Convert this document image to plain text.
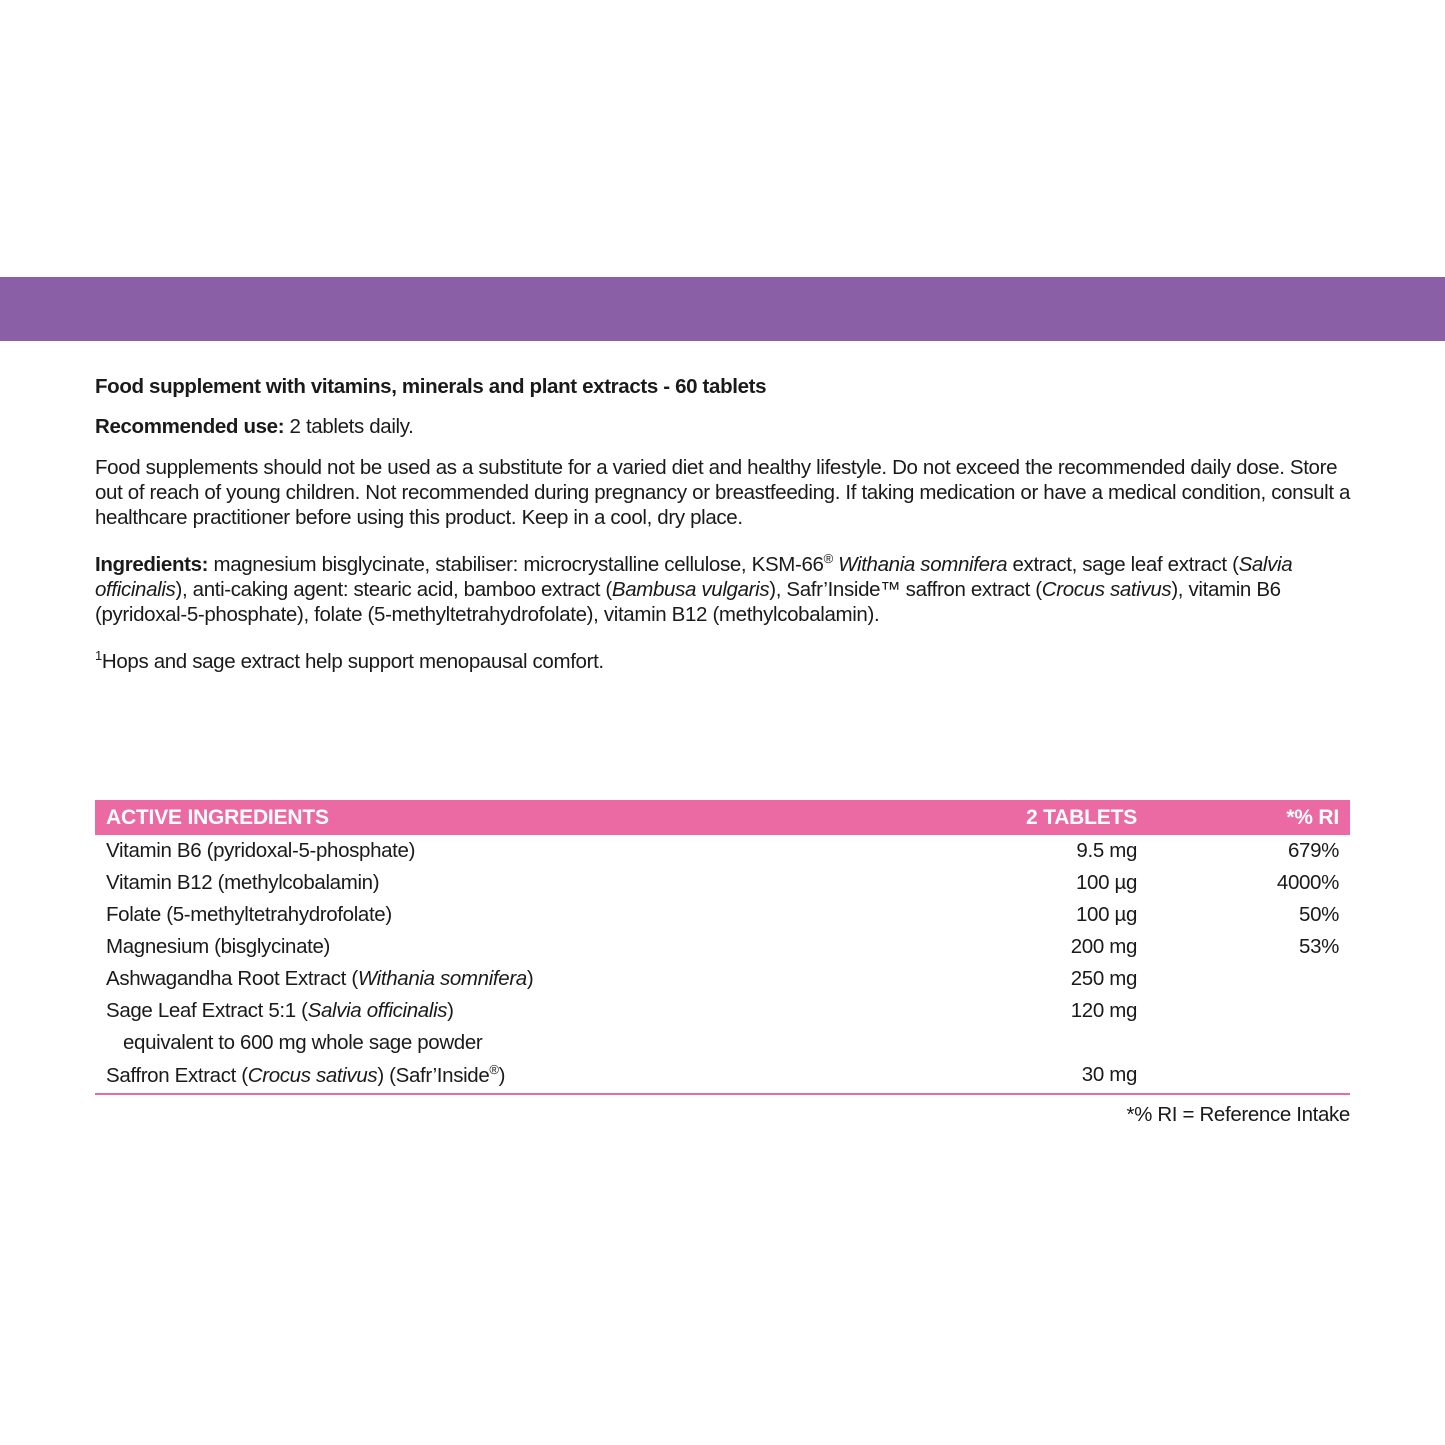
Food supplement with vitamins, minerals and plant extracts - 60 tablets

Recommended use: 2 tablets daily.

Food supplements should not be used as a substitute for a varied diet and healthy lifestyle. Do not exceed the recommended daily dose. Store out of reach of young children. Not recommended during pregnancy or breastfeeding. If taking medication or have a medical condition, consult a healthcare practitioner before using this product. Keep in a cool, dry place.

Ingredients: magnesium bisglycinate, stabiliser: microcrystalline cellulose, KSM-66® Withania somnifera extract, sage leaf extract (Salvia officinalis), anti-caking agent: stearic acid, bamboo extract (Bambusa vulgaris), Safr’Inside™ saffron extract (Crocus sativus), vitamin B6 (pyridoxal-5-phosphate), folate (5-methyltetrahydrofolate), vitamin B12 (methylcobalamin).

$^1$Hops and sage extract help support menopausal comfort.

ACTIVE INGREDIENTS	2 TABLETS	*% RI
Vitamin B6 (pyridoxal-5-phosphate)	9.5 mg	679%
Vitamin B12 (methylcobalamin)	100 µg	4000%
Folate (5-methyltetrahydrofolate)	100 µg	50%
Magnesium (bisglycinate)	200 mg	53%
Ashwagandha Root Extract (Withania somnifera)	250 mg
Sage Leaf Extract 5:1 (Salvia officinalis)	120 mg
equivalent to 600 mg whole sage powder
Saffron Extract (Crocus sativus) (Safr’Inside®)	30 mg
*% RI = Reference Intake
